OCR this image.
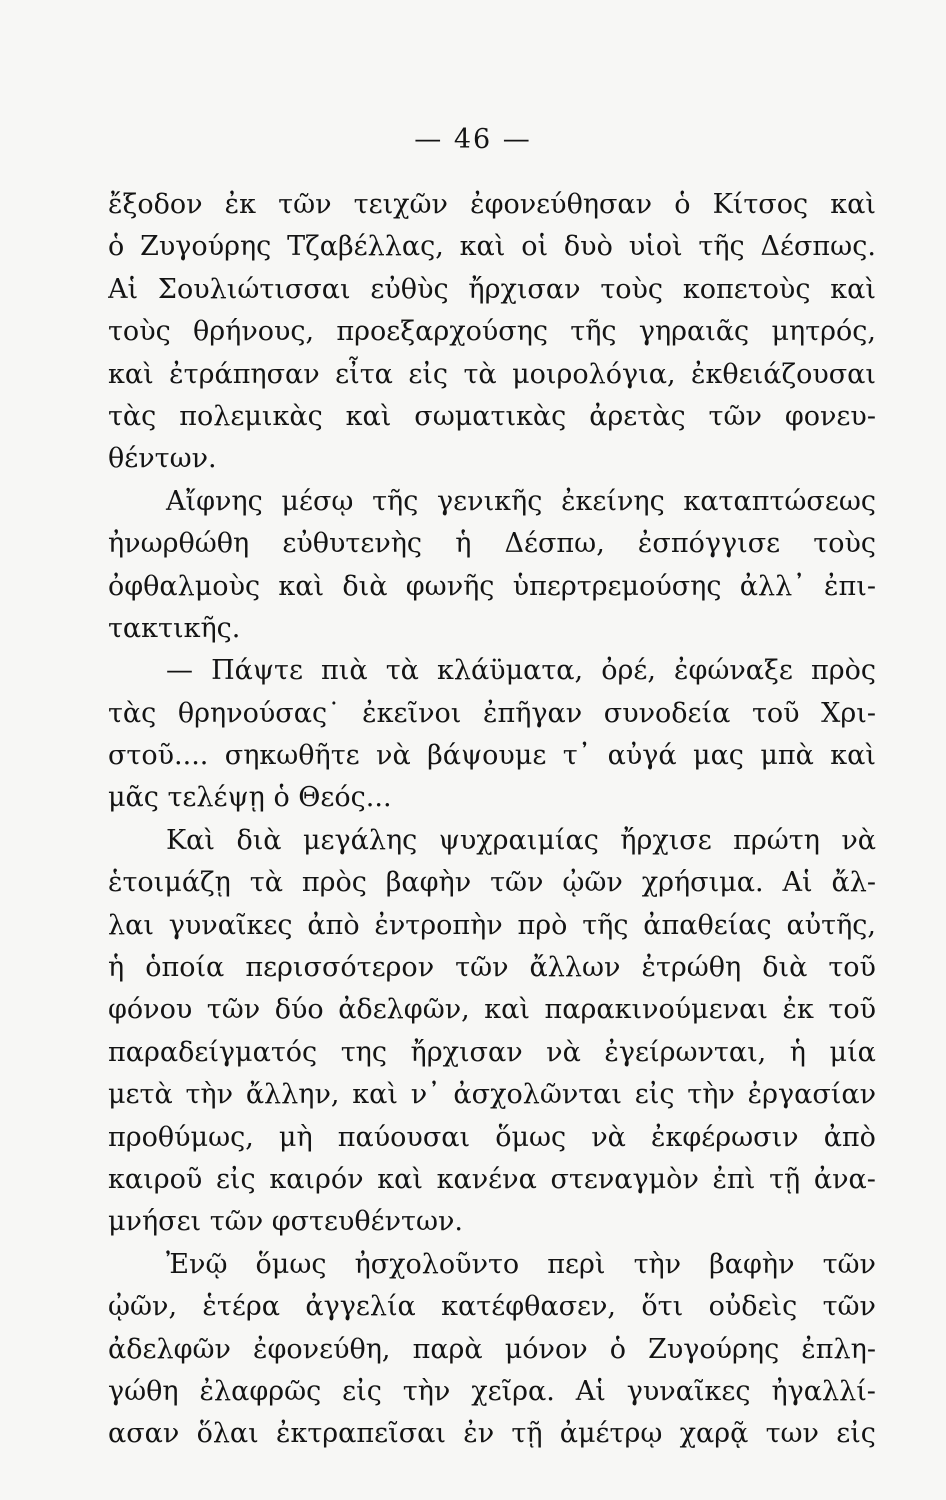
— 46 —
ἔξοδον ἐκ τῶν τειχῶν ἐφονεύθησαν ὁ Κίτσος καὶ
ὁ Ζυγούρης Τζαβέλλας, καὶ οἱ δυὸ υἱοὶ τῆς Δέσπως.
Αἱ Σουλιώτισσαι εὐθὺς ἤρχισαν τοὺς κοπετοὺς καὶ
τοὺς θρήνους, προεξαρχούσης τῆς γηραιᾶς μητρός,
καὶ ἐτράπησαν εἶτα εἰς τὰ μοιρολόγια, ἐκθειάζουσαι
τὰς πολεμικὰς καὶ σωματικὰς ἀρετὰς τῶν φονευ-
θέντων.
Αἴφνης μέσῳ τῆς γενικῆς ἐκείνης καταπτώσεως
ἠνωρθώθη εὐθυτενὴς ἡ Δέσπω, ἐσπόγγισε τοὺς
ὀφθαλμοὺς καὶ διὰ φωνῆς ὑπερτρεμούσης ἀλλ᾿ ἐπι-
τακτικῆς.
— Πάψτε πιὰ τὰ κλάϋματα, ὀρέ, ἐφώναξε πρὸς
τὰς θρηνούσας˙ ἐκεῖνοι ἐπῆγαν συνοδεία τοῦ Χρι-
στοῦ.... σηκωθῆτε νὰ βάψουμε τ᾿ αὐγά μας μπὰ καὶ
μᾶς τελέψῃ ὁ Θεός...
Καὶ διὰ μεγάλης ψυχραιμίας ἤρχισε πρώτη νὰ
ἑτοιμάζῃ τὰ πρὸς βαφὴν τῶν ᾠῶν χρήσιμα. Αἱ ἄλ-
λαι γυναῖκες ἀπὸ ἐντροπὴν πρὸ τῆς ἀπαθείας αὐτῆς,
ἡ ὁποία περισσότερον τῶν ἄλλων ἐτρώθη διὰ τοῦ
φόνου τῶν δύο ἀδελφῶν, καὶ παρακινούμεναι ἐκ τοῦ
παραδείγματός της ἤρχισαν νὰ ἐγείρωνται, ἡ μία
μετὰ τὴν ἄλλην, καὶ ν᾿ ἀσχολῶνται εἰς τὴν ἐργασίαν
προθύμως, μὴ παύουσαι ὅμως νὰ ἐκφέρωσιν ἀπὸ
καιροῦ εἰς καιρόν καὶ κανένα στεναγμὸν ἐπὶ τῇ ἀνα-
μνήσει τῶν φστευθέντων.
Ἐνῷ ὅμως ἠσχολοῦντο περὶ τὴν βαφὴν τῶν
ᾠῶν, ἑτέρα ἀγγελία κατέφθασεν, ὅτι οὐδεὶς τῶν
ἀδελφῶν ἐφονεύθη, παρὰ μόνον ὁ Ζυγούρης ἐπλη-
γώθη ἐλαφρῶς εἰς τὴν χεῖρα. Αἱ γυναῖκες ἠγαλλί-
ασαν ὅλαι ἐκτραπεῖσαι ἐν τῇ ἀμέτρῳ χαρᾷ των εἰς
